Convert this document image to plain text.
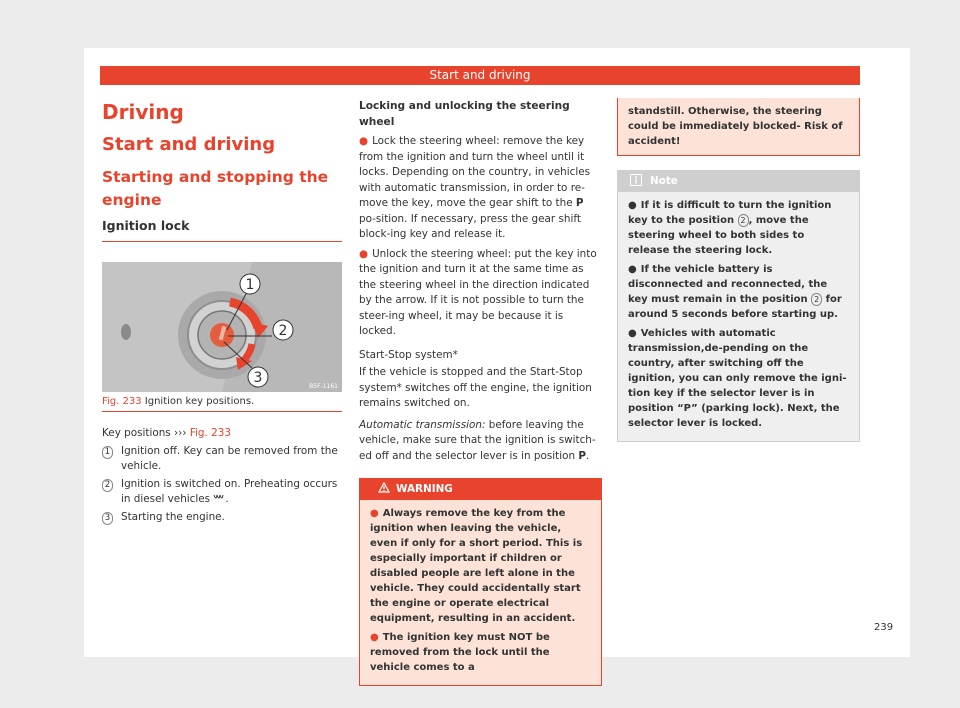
Start and driving
Driving
Start and driving
Starting and stopping the engine
Ignition lock
1
2
3
B5F-1161
Fig. 233 Ignition key positions.
Key positions ››› Fig. 233
1 Ignition off. Key can be removed from the vehicle.
2 Ignition is switched on. Preheating occurs in diesel vehicles .
3 Starting the engine.

Locking and unlocking the steering wheel

● Lock the steering wheel: remove the key from the ignition and turn the wheel until it locks. Depending on the country, in vehicles with automatic transmission, in order to re-move the key, move the gear shift to the P po-sition. If necessary, press the gear shift block-ing key and release it.

● Unlock the steering wheel: put the key into the ignition and turn it at the same time as the steering wheel in the direction indicated by the arrow. If it is not possible to turn the steer-ing wheel, it may be because it is locked.

Start-Stop system*

If the vehicle is stopped and the Start-Stop system* switches off the engine, the ignition remains switched on.

Automatic transmission: before leaving the vehicle, make sure that the ignition is switch-ed off and the selector lever is in position P.

WARNING

● Always remove the key from the ignition when leaving the vehicle, even if only for a short period. This is especially important if children or disabled people are left alone in the vehicle. They could accidentally start the engine or operate electrical equipment, resulting in an accident.

● The ignition key must NOT be removed from the lock until the vehicle comes to a

standstill. Otherwise, the steering could be immediately blocked- Risk of accident!
Note

● If it is difficult to turn the ignition key to the position 2 , move the steering wheel to both sides to release the steering lock.

● If the vehicle battery is disconnected and reconnected, the key must remain in the position 2 for around 5 seconds before starting up.

● Vehicles with automatic transmission,de-pending on the country, after switching off the ignition, you can only remove the igni-tion key if the selector lever is in position “P” (parking lock). Next, the selector lever is locked.

239
